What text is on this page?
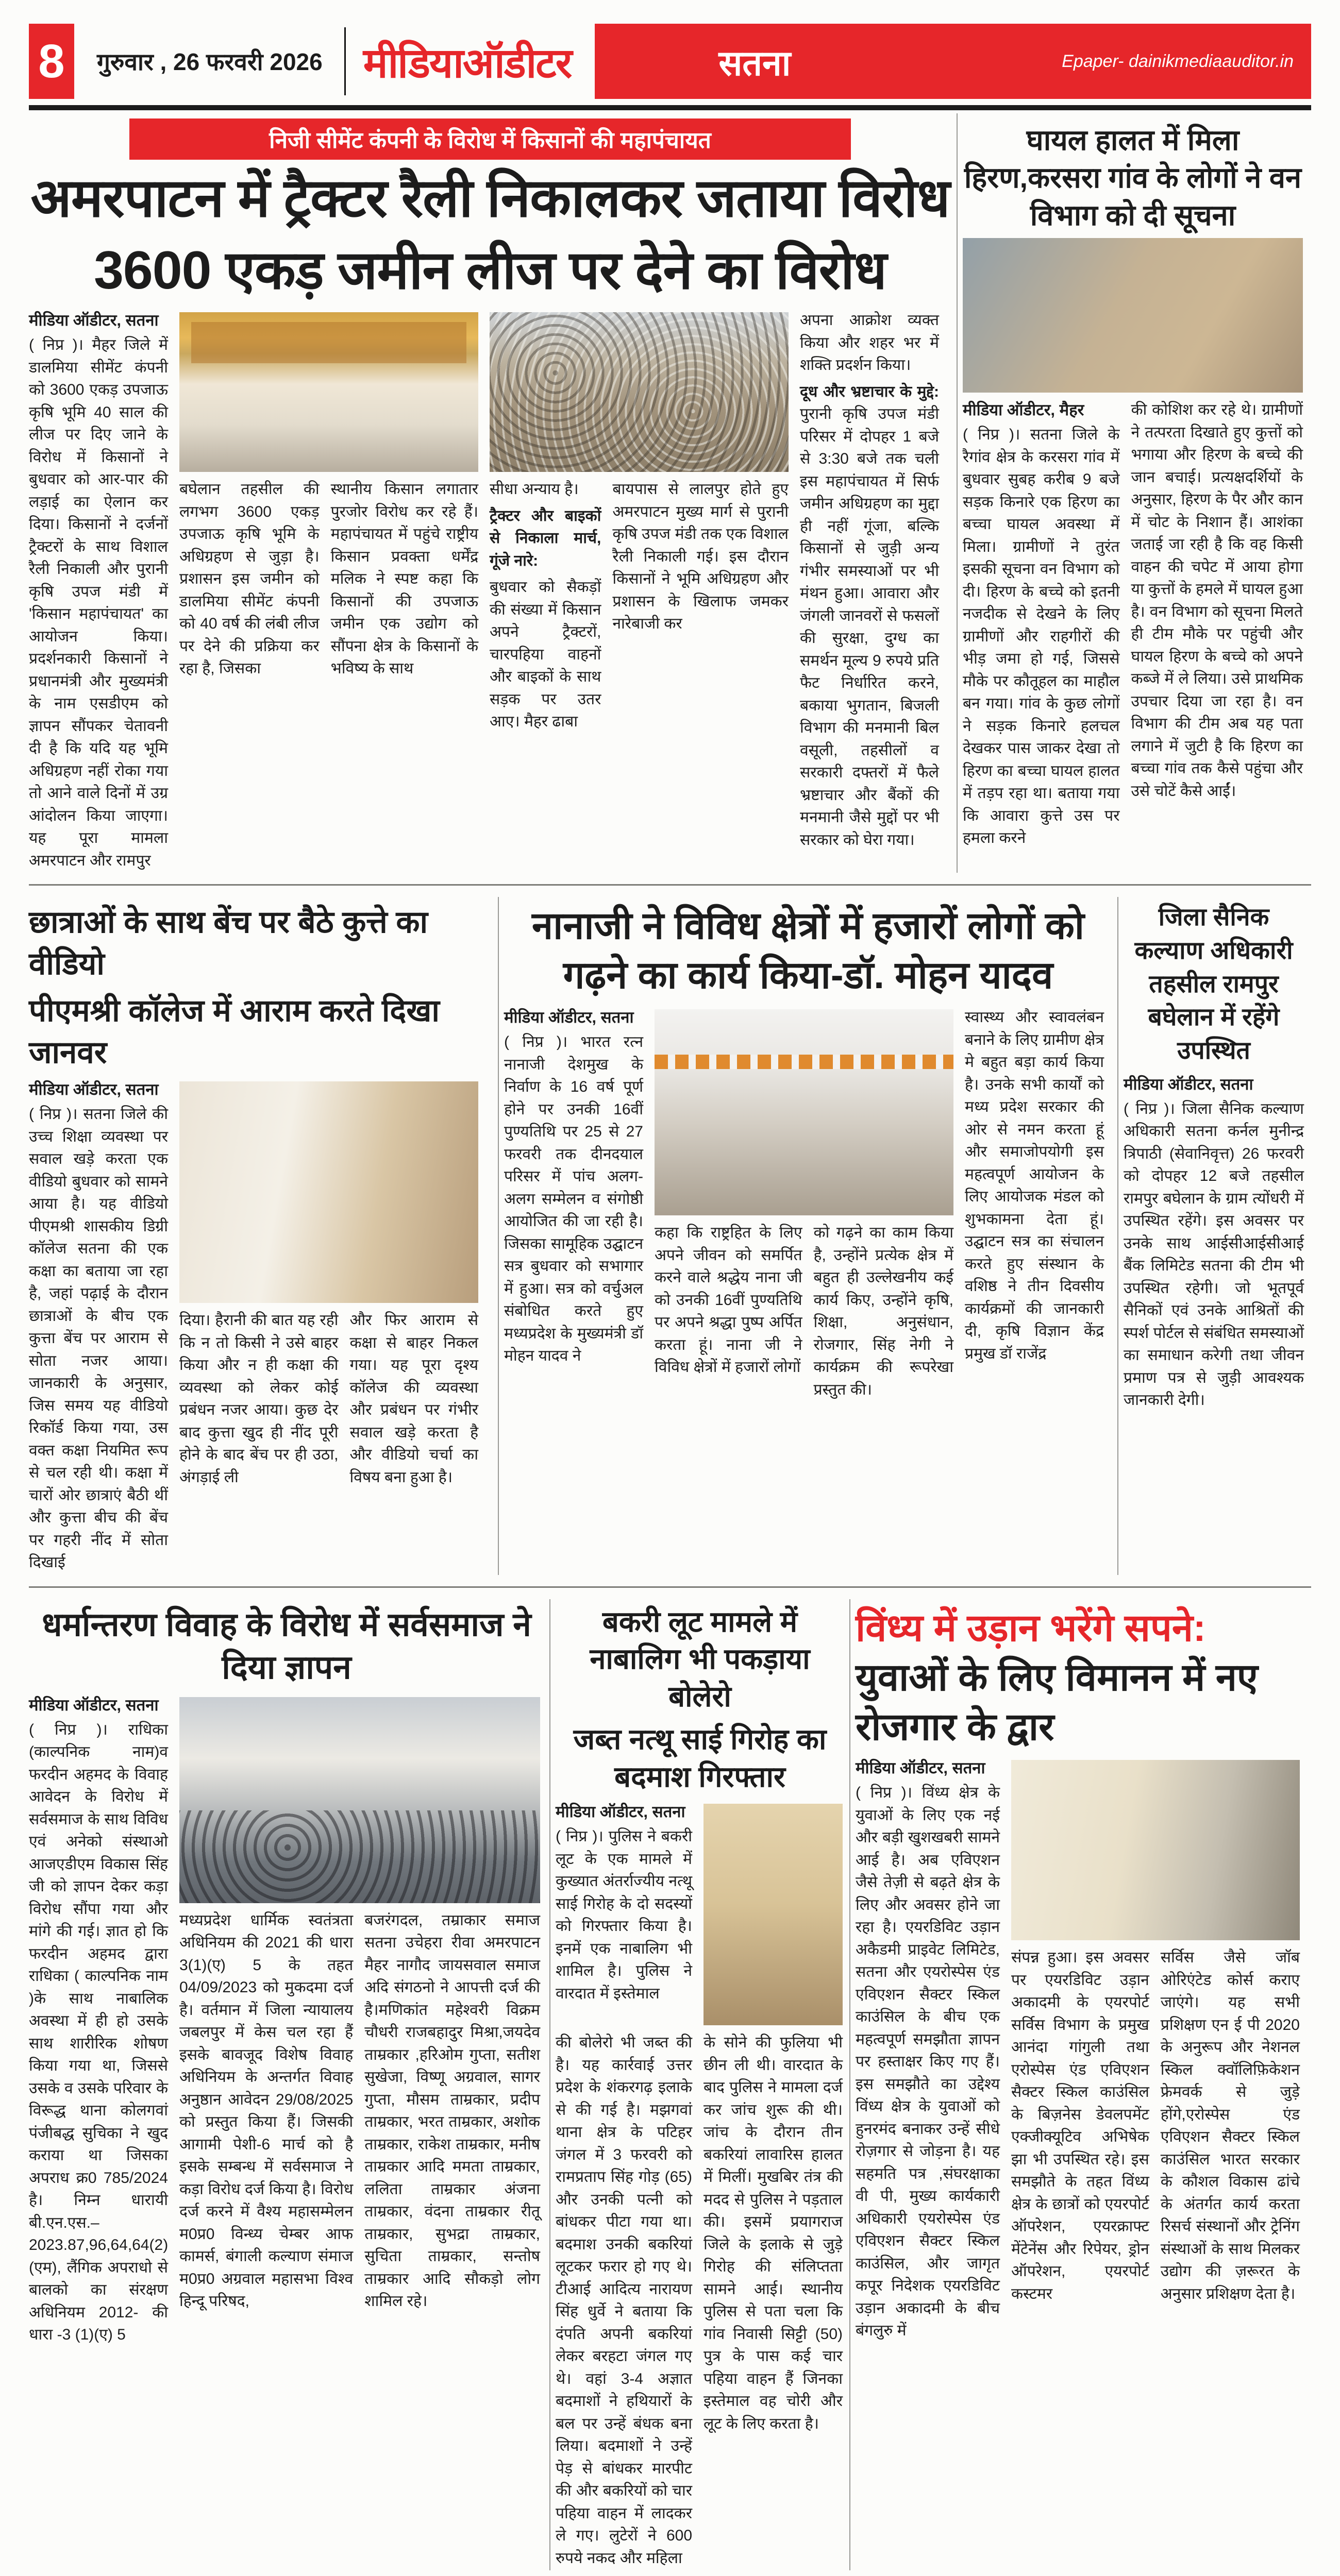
8	गुरुवार , 26 फरवरी 2026 मीडियाऑडीटर	सतना	Epaper- dainikmediaauditor.in
निजी सीमेंट कंपनी के विरोध में किसानों की महापंचायत
अमरपाटन में ट्रैक्टर रैली निकालकर जताया विरोध
3600 एकड़ जमीन लीज पर देने का विरोध

मीडिया ऑडीटर, सतना

( निप्र )। मैहर जिले में डालमिया सीमेंट कंपनी को 3600 एकड़ उपजाऊ कृषि भूमि 40 साल की लीज पर दिए जाने के विरोध में किसानों ने बुधवार को आर-पार की लड़ाई का ऐलान कर दिया। किसानों ने दर्जनों ट्रैक्टरों के साथ विशाल रैली निकाली और पुरानी कृषि उपज मंडी में 'किसान महापंचायत' का आयोजन किया। प्रदर्शनकारी किसानों ने प्रधानमंत्री और मुख्यमंत्री के नाम एसडीएम को ज्ञापन सौंपकर चेतावनी दी है कि यदि यह भूमि अधिग्रहण नहीं रोका गया तो आने वाले दिनों में उग्र आंदोलन किया जाएगा। यह पूरा मामला अमरपाटन और रामपुर

बघेलान तहसील की लगभग 3600 एकड़ उपजाऊ कृषि भूमि के अधिग्रहण से जुड़ा है। प्रशासन इस जमीन को डालमिया सीमेंट कंपनी को 40 वर्ष की लंबी लीज पर देने की प्रक्रिया कर रहा है, जिसका

स्थानीय किसान लगातार पुरजोर विरोध कर रहे हैं। महापंचायत में पहुंचे राष्ट्रीय किसान प्रवक्ता धर्मेंद्र मलिक ने स्पष्ट कहा कि किसानों की उपजाऊ जमीन एक उद्योग को सौंपना क्षेत्र के किसानों के भविष्य के साथ

सीधा अन्याय है।

ट्रैक्टर और बाइकों से निकाला मार्च, गूंजे नारे:

बुधवार को सैकड़ों की संख्या में किसान अपने ट्रैक्टरों, चारपहिया वाहनों और बाइकों के साथ सड़क पर उतर आए। मैहर ढाबा

बायपास से लालपुर होते हुए अमरपाटन मुख्य मार्ग से पुरानी कृषि उपज मंडी तक एक विशाल रैली निकाली गई। इस दौरान किसानों ने भूमि अधिग्रहण और प्रशासन के खिलाफ जमकर नारेबाजी कर

अपना आक्रोश व्यक्त किया और शहर भर में शक्ति प्रदर्शन किया।

दूध और भ्रष्टाचार के मुद्दे: पुरानी कृषि उपज मंडी परिसर में दोपहर 1 बजे से 3:30 बजे तक चली इस महापंचायत में सिर्फ जमीन अधिग्रहण का मुद्दा ही नहीं गूंजा, बल्कि किसानों से जुड़ी अन्य गंभीर समस्याओं पर भी मंथन हुआ। आवारा और जंगली जानवरों से फसलों की सुरक्षा, दुग्ध का समर्थन मूल्य 9 रुपये प्रति फैट निर्धारित करने, बकाया भुगतान, बिजली विभाग की मनमानी बिल वसूली, तहसीलों व सरकारी दफ्तरों में फैले भ्रष्टाचार और बैंकों की मनमानी जैसे मुद्दों पर भी सरकार को घेरा गया।

घायल हालत में मिला हिरण,करसरा गांव के लोगों ने वन विभाग को दी सूचना

मीडिया ऑडीटर, मैहर

( निप्र )। सतना जिले के रैगांव क्षेत्र के करसरा गांव में बुधवार सुबह करीब 9 बजे सड़क किनारे एक हिरण का बच्चा घायल अवस्था में मिला। ग्रामीणों ने तुरंत इसकी सूचना वन विभाग को दी। हिरण के बच्चे को इतनी नजदीक से देखने के लिए ग्रामीणों और राहगीरों की भीड़ जमा हो गई, जिससे मौके पर कौतूहल का माहौल बन गया। गांव के कुछ लोगों ने सड़क किनारे हलचल देखकर पास जाकर देखा तो हिरण का बच्चा घायल हालत में तड़प रहा था। बताया गया कि आवारा कुत्ते उस पर हमला करने

की कोशिश कर रहे थे। ग्रामीणों ने तत्परता दिखाते हुए कुत्तों को भगाया और हिरण के बच्चे की जान बचाई। प्रत्यक्षदर्शियों के अनुसार, हिरण के पैर और कान में चोट के निशान हैं। आशंका जताई जा रही है कि वह किसी वाहन की चपेट में आया होगा या कुत्तों के हमले में घायल हुआ है। वन विभाग को सूचना मिलते ही टीम मौके पर पहुंची और घायल हिरण के बच्चे को अपने कब्जे में ले लिया। उसे प्राथमिक उपचार दिया जा रहा है। वन विभाग की टीम अब यह पता लगाने में जुटी है कि हिरण का बच्चा गांव तक कैसे पहुंचा और उसे चोटें कैसे आईं।

छात्राओं के साथ बेंच पर बैठे कुत्ते का वीडियो
पीएमश्री कॉलेज में आराम करते दिखा जानवर

मीडिया ऑडीटर, सतना

( निप्र )। सतना जिले की उच्च शिक्षा व्यवस्था पर सवाल खड़े करता एक वीडियो बुधवार को सामने आया है। यह वीडियो पीएमश्री शासकीय डिग्री कॉलेज सतना की एक कक्षा का बताया जा रहा है, जहां पढ़ाई के दौरान छात्राओं के बीच एक कुत्ता बेंच पर आराम से सोता नजर आया। जानकारी के अनुसार, जिस समय यह वीडियो रिकॉर्ड किया गया, उस वक्त कक्षा नियमित रूप से चल रही थी। कक्षा में चारों ओर छात्राएं बैठी थीं और कुत्ता बीच की बेंच पर गहरी नींद में सोता दिखाई

दिया। हैरानी की बात यह रही कि न तो किसी ने उसे बाहर किया और न ही कक्षा की व्यवस्था को लेकर कोई प्रबंधन नजर आया। कुछ देर बाद कुत्ता खुद ही नींद पूरी होने के बाद बेंच पर ही उठा, अंगड़ाई ली

और फिर आराम से कक्षा से बाहर निकल गया। यह पूरा दृश्य कॉलेज की व्यवस्था और प्रबंधन पर गंभीर सवाल खड़े करता है और वीडियो चर्चा का विषय बना हुआ है।

नानाजी ने विविध क्षेत्रों में हजारों लोगों को गढ़ने का कार्य किया-डॉ. मोहन यादव

मीडिया ऑडीटर, सतना

( निप्र )। भारत रत्न नानाजी देशमुख के निर्वाण के 16 वर्ष पूर्ण होने पर उनकी 16वीं पुण्यतिथि पर 25 से 27 फरवरी तक दीनदयाल परिसर में पांच अलग-अलग सम्मेलन व संगोष्ठी आयोजित की जा रही है। जिसका सामूहिक उद्घाटन सत्र बुधवार को सभागार में हुआ। सत्र को वर्चुअल संबोधित करते हुए मध्यप्रदेश के मुख्यमंत्री डॉ मोहन यादव ने

कहा कि राष्ट्रहित के लिए अपने जीवन को समर्पित करने वाले श्रद्धेय नाना जी को उनकी 16वीं पुण्यतिथि पर अपने श्रद्धा पुष्प अर्पित करता हूं। नाना जी ने विविध क्षेत्रों में हजारों लोगों

को गढ़ने का काम किया है, उन्होंने प्रत्येक क्षेत्र में बहुत ही उल्लेखनीय कई कार्य किए, उन्होंने कृषि, शिक्षा, अनुसंधान, रोजगार, सिंह नेगी ने कार्यक्रम की रूपरेखा प्रस्तुत की।

स्वास्थ्य और स्वावलंबन बनाने के लिए ग्रामीण क्षेत्र मे बहुत बड़ा कार्य किया है। उनके सभी कार्यों को मध्य प्रदेश सरकार की ओर से नमन करता हूं और समाजोपयोगी इस महत्वपूर्ण आयोजन के लिए आयोजक मंडल को शुभकामना देता हूं। उद्घाटन सत्र का संचालन करते हुए संस्थान के वशिष्ठ ने तीन दिवसीय कार्यक्रमों की जानकारी दी, कृषि विज्ञान केंद्र प्रमुख डॉ राजेंद्र

जिला सैनिक कल्याण अधिकारी तहसील रामपुर बघेलान में रहेंगे उपस्थित

मीडिया ऑडीटर, सतना

( निप्र )। जिला सैनिक कल्याण अधिकारी सतना कर्नल मुनीन्द्र त्रिपाठी (सेवानिवृत्त) 26 फरवरी को दोपहर 12 बजे तहसील रामपुर बघेलान के ग्राम त्योंधरी में उपस्थित रहेंगे। इस अवसर पर उनके साथ आईसीआईसीआई बैंक लिमिटेड सतना की टीम भी उपस्थित रहेगी। जो भूतपूर्व सैनिकों एवं उनके आश्रितों की स्पर्श पोर्टल से संबंधित समस्याओं का समाधान करेगी तथा जीवन प्रमाण पत्र से जुड़ी आवश्यक जानकारी देगी।

धर्मान्तरण विवाह के विरोध में सर्वसमाज ने दिया ज्ञापन

मीडिया ऑडीटर, सतना

( निप्र )। राधिका (काल्पनिक नाम)व फरदीन अहमद के विवाह आवेदन के विरोध में सर्वसमाज के साथ विविध एवं अनेको संस्थाओ आजएडीएम विकास सिंह जी को ज्ञापन देकर कड़ा विरोध सौंपा गया और मांगे की गई। ज्ञात हो कि फरदीन अहमद द्वारा राधिका ( काल्पनिक नाम )के साथ नाबालिक अवस्था में ही हो उसके साथ शारीरिक शोषण किया गया था, जिससे उसके व उसके परिवार के विरूद्ध थाना कोलगवां पंजीबद्ध सुचिका ने खुद कराया था जिसका अपराध क्र0 785/2024 है। निम्न धारायी बी.एन.एस.– 2023.87,96,64,64(2)(एम), लैंगिक अपराधो से बालको का संरक्षण अधिनियम 2012- की धारा -3 (1)(ए) 5

मध्यप्रदेश धार्मिक स्वतंत्रता अधिनियम की 2021 की धारा 3(1)(ए) 5 के तहत 04/09/2023 को मुकदमा दर्ज है। वर्तमान में जिला न्यायालय जबलपुर में केस चल रहा हैं इसके बावजूद विशेष विवाह अधिनियम के अन्तर्गत विवाह अनुष्ठान आवेदन 29/08/2025 को प्रस्तुत किया हैं। जिसकी आगामी पेशी-6 मार्च को है इसके सम्बन्ध में सर्वसमाज ने कड़ा विरोध दर्ज किया है। विरोध दर्ज करने में वैश्य महासम्मेलन म0प्र0 विन्ध्य चेम्बर आफ कामर्स, बंगाली कल्याण संमाज म0प्र0 अग्रवाल महासभा विश्व हिन्दू परिषद,

बजरंगदल, तम्राकार समाज सतना उचेहरा रीवा अमरपाटन मैहर नागौद जायसवाल समाज अदि संगठनो ने आपत्ती दर्ज की है।मणिकांत महेश्वरी विक्रम चौधरी राजबहादुर मिश्रा,जयदेव ताम्रकार ,हरिओम गुप्ता, सतीश सुखेजा, विष्णू अग्रवाल, सागर गुप्ता, मौसम ताम्रकार, प्रदीप ताम्रकार, भरत ताम्रकार, अशोक ताम्रकार, राकेश ताम्रकार, मनीष ताम्रकार आदि ममता ताम्रकार, ललिता ताम्रकार अंजना ताम्रकार, वंदना ताम्रकार रीतू ताम्रकार, सुभद्रा ताम्रकार, सुचिता ताम्रकार, सन्तोष ताम्रकार आदि सौकड़ो लोग शामिल रहे।

बकरी लूट मामले में नाबालिग भी पकड़ाया बोलेरो
जब्त नत्थू साई गिरोह का बदमाश गिरफ्तार

मीडिया ऑडीटर, सतना

( निप्र )। पुलिस ने बकरी लूट के एक मामले में कुख्यात अंतर्राज्यीय नत्थू साई गिरोह के दो सदस्यों को गिरफ्तार किया है। इनमें एक नाबालिग भी शामिल है। पुलिस ने वारदात में इस्तेमाल

की बोलेरो भी जब्त की है। यह कार्रवाई उत्तर प्रदेश के शंकरगढ़ इलाके से की गई है। मझगवां थाना क्षेत्र के पटिहर जंगल में 3 फरवरी को रामप्रताप सिंह गोड़ (65) और उनकी पत्नी को बांधकर पीटा गया था। बदमाश उनकी बकरियां लूटकर फरार हो गए थे। टीआई आदित्य नारायण सिंह धुर्वे ने बताया कि दंपति अपनी बकरियां लेकर बरहटा जंगल गए थे। वहां 3-4 अज्ञात बदमाशों ने हथियारों के बल पर उन्हें बंधक बना लिया। बदमाशों ने उन्हें पेड़ से बांधकर मारपीट की और बकरियों को चार पहिया वाहन में लादकर ले गए। लुटेरों ने 600 रुपये नकद और महिला

के सोने की फुलिया भी छीन ली थी। वारदात के बाद पुलिस ने मामला दर्ज कर जांच शुरू की थी। जांच के दौरान तीन बकरियां लावारिस हालत में मिलीं। मुखबिर तंत्र की मदद से पुलिस ने पड़ताल की। इसमें प्रयागराज जिले के इलाके से जुड़े गिरोह की संलिप्तता सामने आई। स्थानीय पुलिस से पता चला कि गांव निवासी सिट्टी (50) पुत्र के पास कई चार पहिया वाहन हैं जिनका इस्तेमाल वह चोरी और लूट के लिए करता है।

विंध्य में उड़ान भरेंगे सपने: युवाओं के लिए विमानन में नए रोजगार के द्वार

मीडिया ऑडीटर, सतना

( निप्र )। विंध्य क्षेत्र के युवाओं के लिए एक नई और बड़ी खुशखबरी सामने आई है। अब एविएशन जैसे तेज़ी से बढ़ते क्षेत्र के लिए और अवसर होने जा रहा है। एयरडिविट उड़ान अकैडमी प्राइवेट लिमिटेड, सतना और एयरोस्पेस एंड एविएशन सैक्टर स्किल काउंसिल के बीच एक महत्वपूर्ण समझौता ज्ञापन पर हस्ताक्षर किए गए हैं। इस समझौते का उद्देश्य विंध्य क्षेत्र के युवाओं को हुनरमंद बनाकर उन्हें सीधे रोज़गार से जोड़ना है। यह सहमति पत्र ,संघरक्षाका वी पी, मुख्य कार्यकारी अधिकारी एयरोस्पेस एंड एविएशन सैक्टर स्किल काउंसिल, और जागृत कपूर निदेशक एयरडिविट उड़ान अकादमी के बीच बंगलुरु में

संपन्न हुआ। इस अवसर पर एयरडिविट उड़ान अकादमी के एयरपोर्ट सर्विस विभाग के प्रमुख आनंदा गांगुली तथा एरोस्पेस एंड एविएशन सैक्टर स्किल काउंसिल के बिज़नेस डेवलपमेंट एक्जीक्यूटिव अभिषेक झा भी उपस्थित रहे। इस समझौते के तहत विंध्य क्षेत्र के छात्रों को एयरपोर्ट ऑपरेशन, एयरक्राफ्ट मेंटेनेंस और रिपेयर, ड्रोन ऑपरेशन, एयरपोर्ट कस्टमर

सर्विस जैसे जॉब ओरिएंटेड कोर्स कराए जाएंगे। यह सभी प्रशिक्षण एन ई पी 2020 के अनुरूप और नेशनल स्किल क्वॉलिफ़िकेशन फ्रेमवर्क से जुड़े होंगे,एरोस्पेस एंड एविएशन सैक्टर स्किल काउंसिल भारत सरकार के कौशल विकास ढांचे के अंतर्गत कार्य करता रिसर्च संस्थानों और ट्रेनिंग संस्थाओं के साथ मिलकर उद्योग की ज़रूरत के अनुसार प्रशिक्षण देता है।
